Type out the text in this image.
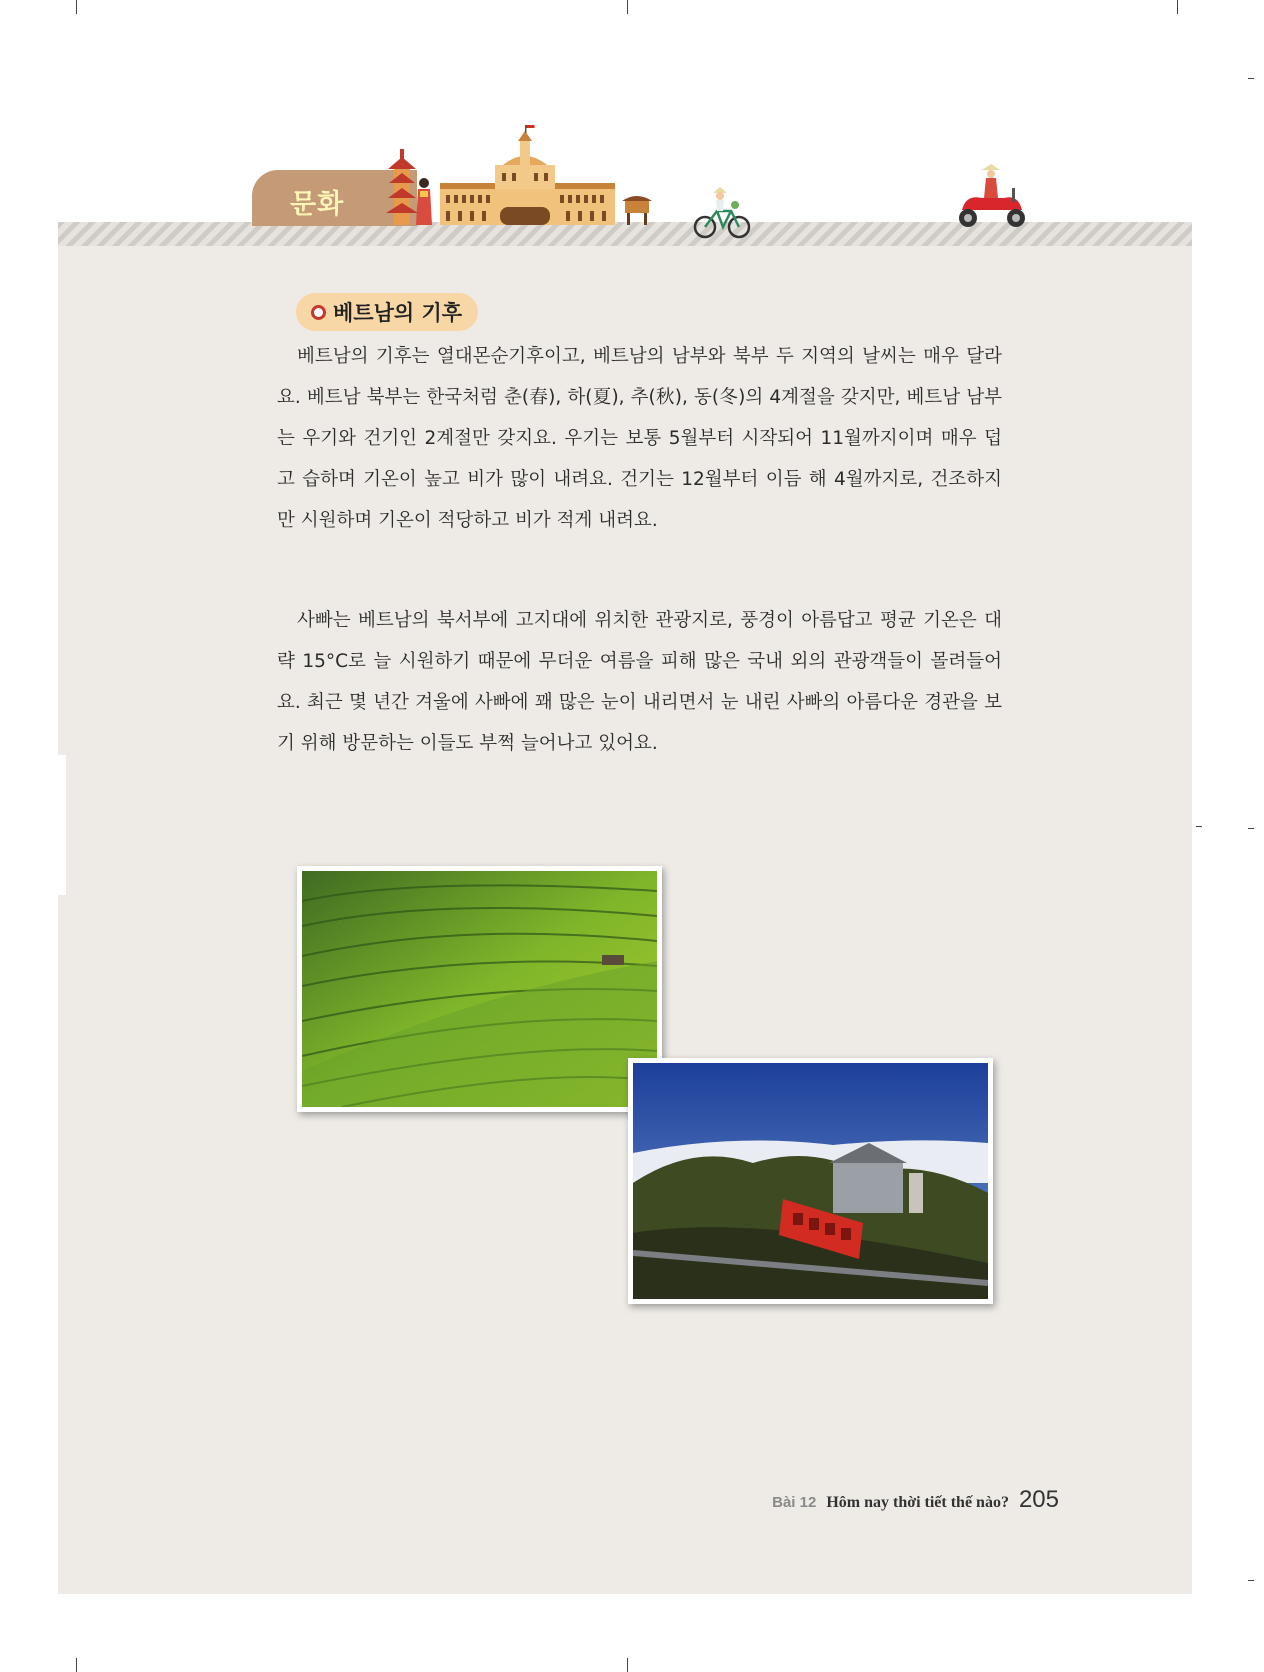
문화
베트남의 기후

베트남의 기후는 열대몬순기후이고, 베트남의 남부와 북부 두 지역의 날씨는 매우 달라요. 베트남 북부는 한국처럼 춘(春), 하(夏), 추(秋), 동(冬)의 4계절을 갖지만, 베트남 남부는 우기와 건기인 2계절만 갖지요. 우기는 보통 5월부터 시작되어 11월까지이며 매우 덥고 습하며 기온이 높고 비가 많이 내려요. 건기는 12월부터 이듬 해 4월까지로, 건조하지만 시원하며 기온이 적당하고 비가 적게 내려요.

사빠는 베트남의 북서부에 고지대에 위치한 관광지로, 풍경이 아름답고 평균 기온은 대략 15°C로 늘 시원하기 때문에 무더운 여름을 피해 많은 국내 외의 관광객들이 몰려들어요. 최근 몇 년간 겨울에 사빠에 꽤 많은 눈이 내리면서 눈 내린 사빠의 아름다운 경관을 보기 위해 방문하는 이들도 부쩍 늘어나고 있어요.

Bài 12 Hôm nay thời tiết thế nào? 205
